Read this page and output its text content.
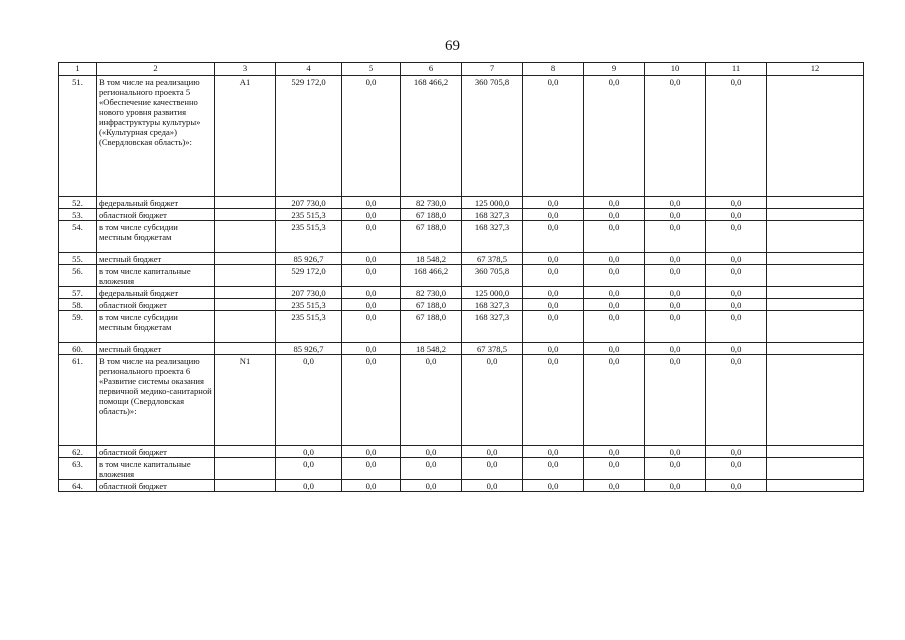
69
1	2	3	4	5	6	7	8	9	10	11	12
51.	В том числе на реализацию регионального проекта 5 «Обеспечение качественно нового уровня развития инфраструктуры культуры» («Культурная среда») (Свердловская область)»:	A1	529 172,0	0,0	168 466,2	360 705,8	0,0	0,0	0,0	0,0	
52.	федеральный бюджет		207 730,0	0,0	82 730,0	125 000,0	0,0	0,0	0,0	0,0	
53.	областной бюджет		235 515,3	0,0	67 188,0	168 327,3	0,0	0,0	0,0	0,0	
54.	в том числе субсидии местным бюджетам		235 515,3	0,0	67 188,0	168 327,3	0,0	0,0	0,0	0,0	
55.	местный бюджет		85 926,7	0,0	18 548,2	67 378,5	0,0	0,0	0,0	0,0	
56.	в том числе капитальные вложения		529 172,0	0,0	168 466,2	360 705,8	0,0	0,0	0,0	0,0	
57.	федеральный бюджет		207 730,0	0,0	82 730,0	125 000,0	0,0	0,0	0,0	0,0	
58.	областной бюджет		235 515,3	0,0	67 188,0	168 327,3	0,0	0,0	0,0	0,0	
59.	в том числе субсидии местным бюджетам		235 515,3	0,0	67 188,0	168 327,3	0,0	0,0	0,0	0,0	
60.	местный бюджет		85 926,7	0,0	18 548,2	67 378,5	0,0	0,0	0,0	0,0	
61.	В том числе на реализацию регионального проекта 6 «Развитие системы оказания первичной медико-санитарной помощи (Свердловская область)»:	N1	0,0	0,0	0,0	0,0	0,0	0,0	0,0	0,0	
62.	областной бюджет		0,0	0,0	0,0	0,0	0,0	0,0	0,0	0,0	
63.	в том числе капитальные вложения		0,0	0,0	0,0	0,0	0,0	0,0	0,0	0,0	
64.	областной бюджет		0,0	0,0	0,0	0,0	0,0	0,0	0,0	0,0	
